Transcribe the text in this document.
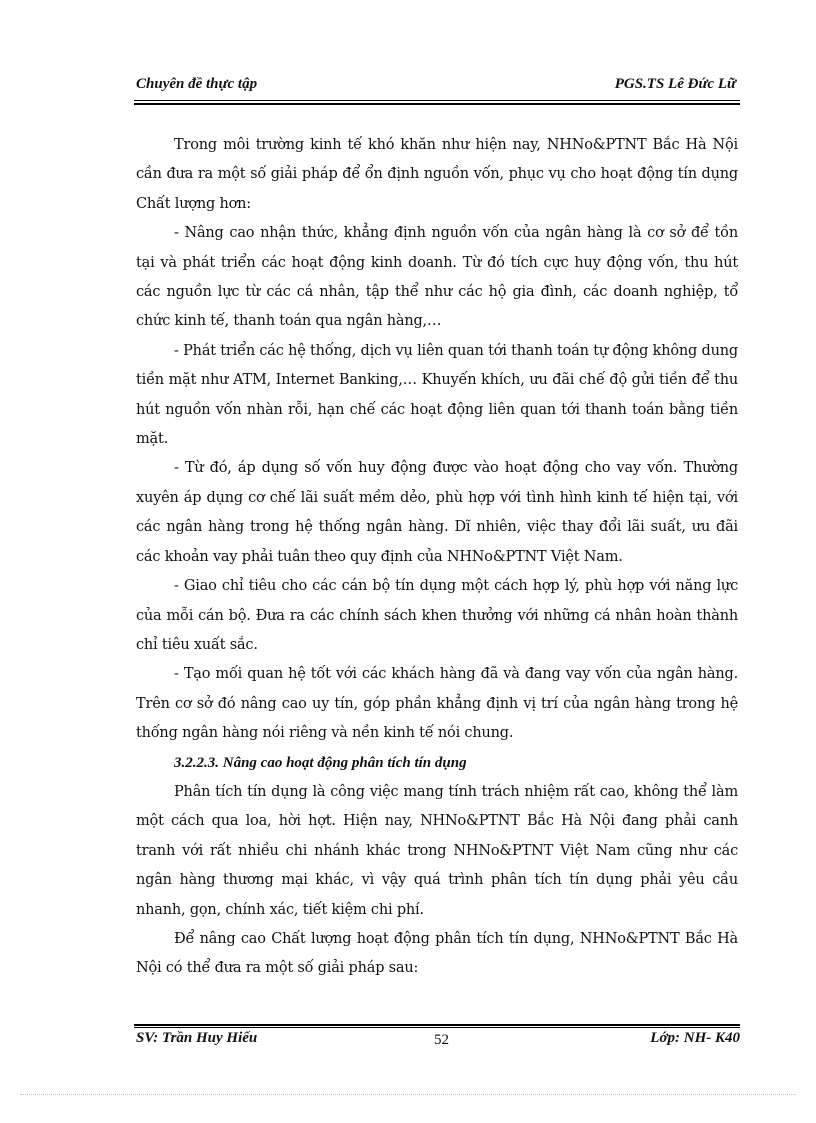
Chuyên đề thực tập	PGS.TS Lê Đức Lữ

Trong môi trường kinh tế khó khăn như hiện nay, NHNo&PTNT Bắc Hà Nội cần đưa ra một số giải pháp để ổn định nguồn vốn, phục vụ cho hoạt động tín dụng Chất lượng hơn:

- Nâng cao nhận thức, khẳng định nguồn vốn của ngân hàng là cơ sở để tồn tại và phát triển các hoạt động kinh doanh. Từ đó tích cực huy động vốn, thu hút các nguồn lực từ các cá nhân, tập thể như các hộ gia đình, các doanh nghiệp, tổ chức kinh tế, thanh toán qua ngân hàng,…

- Phát triển các hệ thống, dịch vụ liên quan tới thanh toán tự động không dung tiền mặt như ATM, Internet Banking,… Khuyến khích, ưu đãi chế độ gửi tiền để thu hút nguồn vốn nhàn rỗi, hạn chế các hoạt động liên quan tới thanh toán bằng tiền mặt.

- Từ đó, áp dụng số vốn huy động được vào hoạt động cho vay vốn. Thường xuyên áp dụng cơ chế lãi suất mềm dẻo, phù hợp với tình hình kinh tế hiện tại, với các ngân hàng trong hệ thống ngân hàng. Dĩ nhiên, việc thay đổi lãi suất, ưu đãi các khoản vay phải tuân theo quy định của NHNo&PTNT Việt Nam.

- Giao chỉ tiêu cho các cán bộ tín dụng một cách hợp lý, phù hợp với năng lực của mỗi cán bộ. Đưa ra các chính sách khen thưởng với những cá nhân hoàn thành chỉ tiêu xuất sắc.

- Tạo mối quan hệ tốt với các khách hàng đã và đang vay vốn của ngân hàng. Trên cơ sở đó nâng cao uy tín, góp phần khẳng định vị trí của ngân hàng trong hệ thống ngân hàng nói riêng và nền kinh tế nói chung.

3.2.2.3. Nâng cao hoạt động phân tích tín dụng

Phân tích tín dụng là công việc mang tính trách nhiệm rất cao, không thể làm một cách qua loa, hời hợt. Hiện nay, NHNo&PTNT Bắc Hà Nội đang phải canh tranh với rất nhiều chi nhánh khác trong NHNo&PTNT Việt Nam cũng như các ngân hàng thương mại khác, vì vậy quá trình phân tích tín dụng phải yêu cầu nhanh, gọn, chính xác, tiết kiệm chi phí.

Để nâng cao Chất lượng hoạt động phân tích tín dụng, NHNo&PTNT Bắc Hà Nội có thể đưa ra một số giải pháp sau:

SV: Trần Huy Hiếu	52	Lớp: NH- K40
